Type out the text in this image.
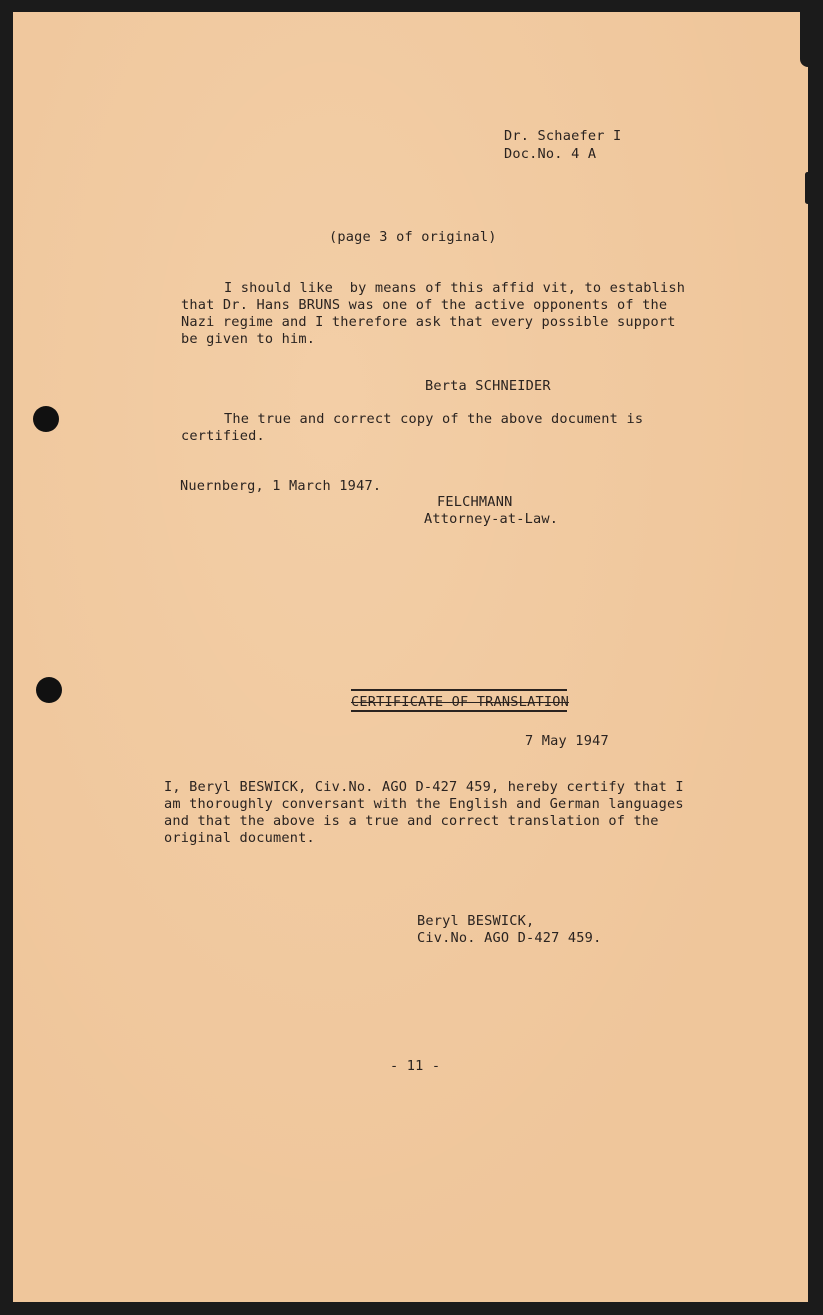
Dr. Schaefer I
Doc.No. 4 A
(page 3 of original)
I should like  by means of this affid vit, to establish
that Dr. Hans BRUNS was one of the active opponents of the
Nazi regime and I therefore ask that every possible support
be given to him.
Berta SCHNEIDER
The true and correct copy of the above document is
certified.
Nuernberg, 1 March 1947.
FELCHMANN
Attorney-at-Law.
CERTIFICATE OF TRANSLATION
7 May 1947
I, Beryl BESWICK, Civ.No. AGO D-427 459, hereby certify that I
am thoroughly conversant with the English and German languages
and that the above is a true and correct translation of the
original document.
Beryl BESWICK,
Civ.No. AGO D-427 459.
- 11 -
